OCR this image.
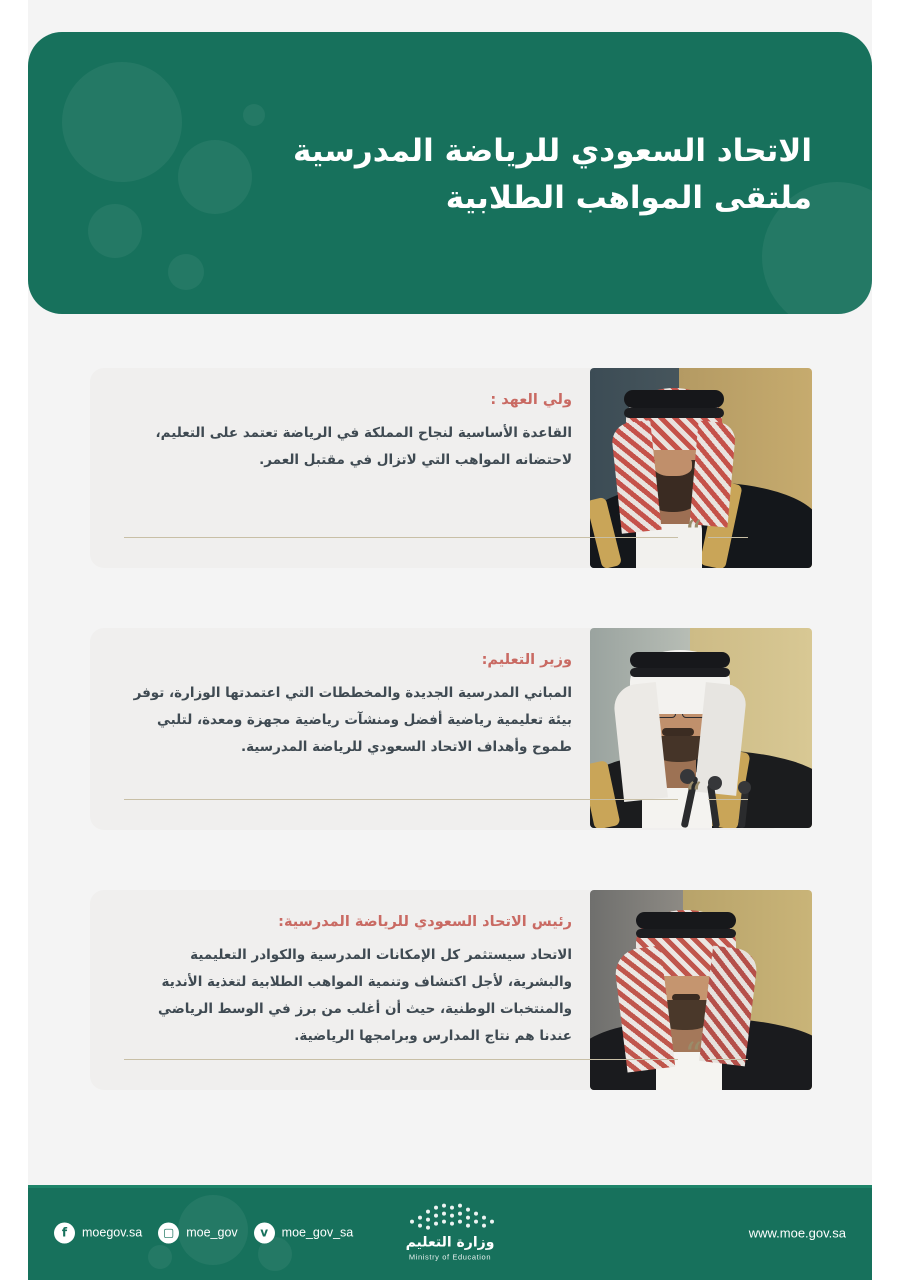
الاتحاد السعودي للرياضة المدرسية
ملتقى المواهب الطلابية
ولي العهد :
القاعدة الأساسية لنجاح المملكة في الرياضة تعتمد على التعليم، لاحتضانه المواهب التي لاتزال في مقتبل العمر.
“
وزير التعليم:
المباني المدرسية الجديدة والمخططات التي اعتمدتها الوزارة، توفر بيئة تعليمية رياضية أفضل ومنشآت رياضية مجهزة ومعدة، لتلبي طموح وأهداف الاتحاد السعودي للرياضة المدرسية.
“
رئيس الاتحاد السعودي للرياضة المدرسية:
الاتحاد سيستثمر كل الإمكانات المدرسية والكوادر التعليمية والبشرية، لأجل اكتشاف وتنمية المواهب الطلابية لتغذية الأندية والمنتخبات الوطنية، حيث أن أغلب من برز في الوسط الرياضي عندنا هم نتاج المدارس وبرامجها الرياضية.	“
f	moegov.sa	▢ moe_gov	ᴠ	moe_gov_sa
وزارة التعليم
Ministry of Education
www.moe.gov.sa
